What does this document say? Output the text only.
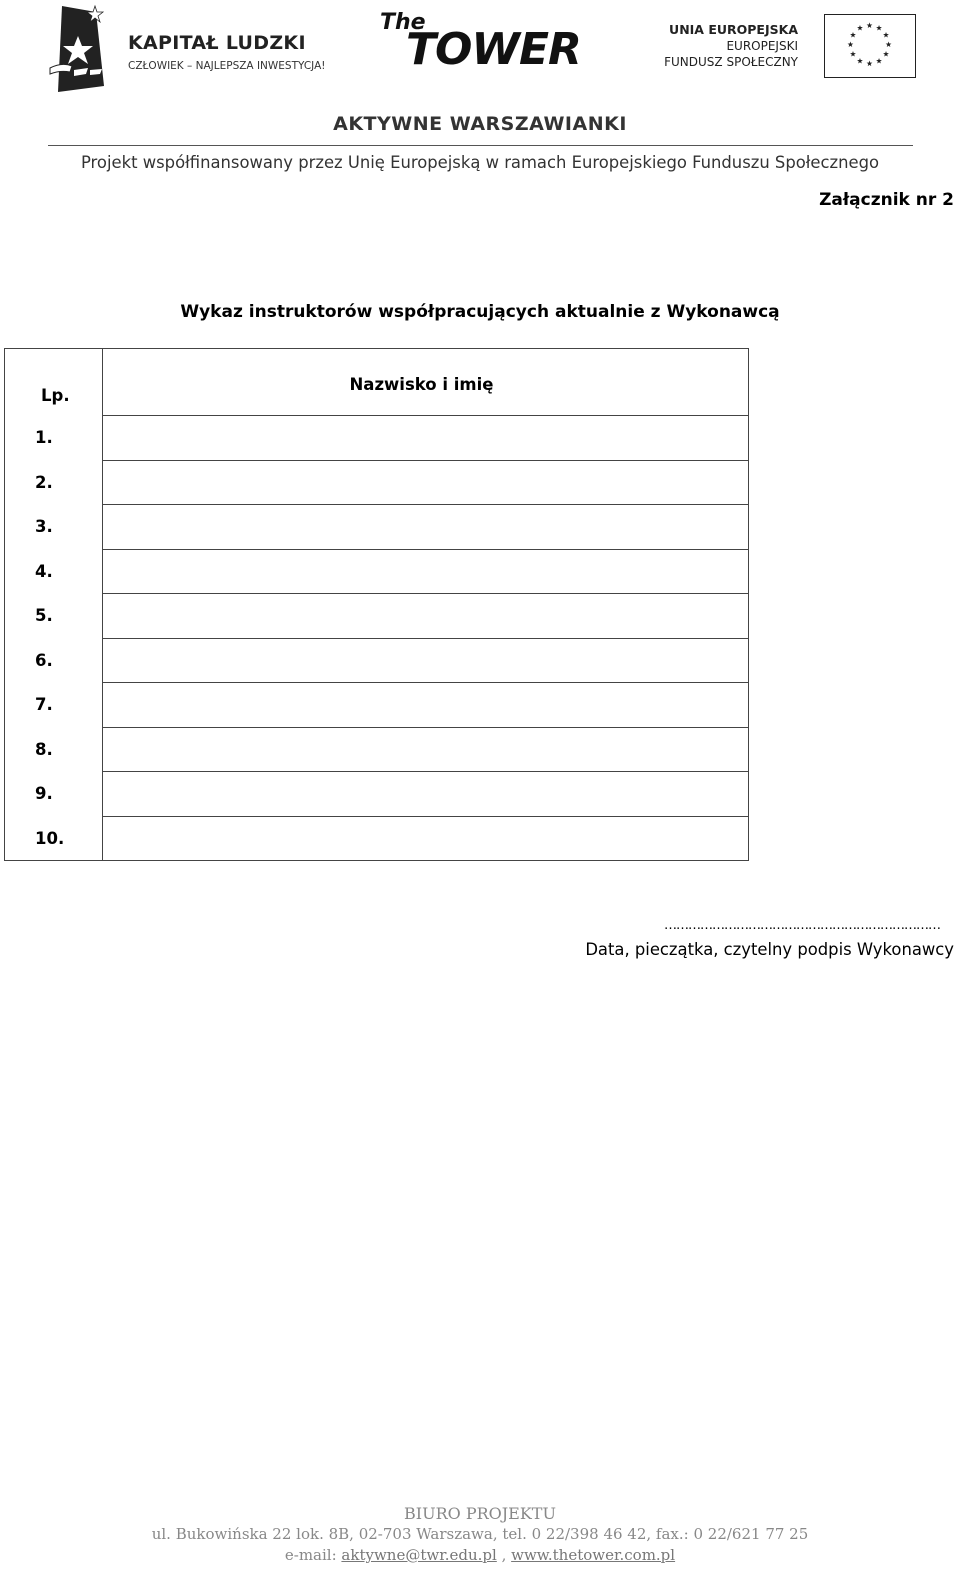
KAPITAŁ LUDZKI
CZŁOWIEK – NAJLEPSZA INWESTYCJA!
The
TOWER	UNIA EUROPEJSKA
EUROPEJSKI
FUNDUSZ SPOŁECZNY
AKTYWNE WARSZAWIANKI
Projekt współfinansowany przez Unię Europejską w ramach Europejskiego Funduszu Społecznego
Załącznik nr 2
Wykaz instruktorów współpracujących aktualnie z Wykonawcą
Lp.	Nazwisko i imię
1.	
2.	
3.	
4.	
5.	
6.	
7.	
8.	
9.	
10.	
……………………………………………………………
Data, pieczątka, czytelny podpis Wykonawcy
BIURO PROJEKTU
ul. Bukowińska 22 lok. 8B, 02-703 Warszawa, tel. 0 22/398 46 42, fax.: 0 22/621 77 25
e-mail: aktywne@twr.edu.pl , www.thetower.com.pl
